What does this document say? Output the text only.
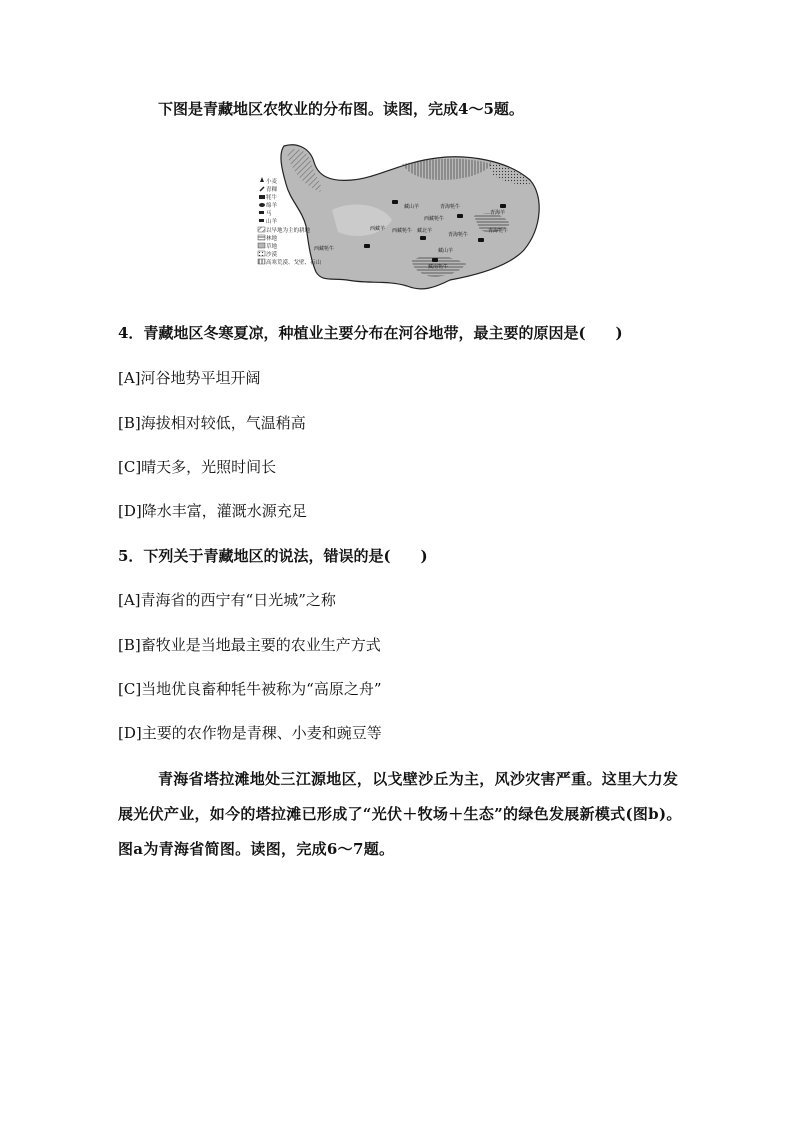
下图是青藏地区农牧业的分布图。读图，完成4～5题。
小麦
青稞
牦牛
绵羊
马
山羊
以旱地为主的耕地
林地
草地
沙漠
高寒荒漠、戈壁、石山
西藏牦牛
西藏羊 西藏牦牛
藏山羊	青海牦牛
西藏牦牛
藏北羊
青海牦牛
藏南牦牛
青海牦牛
青海羊
藏山羊
4．青藏地区冬寒夏凉，种植业主要分布在河谷地带，最主要的原因是(　　)
[A]河谷地势平坦开阔
[B]海拔相对较低，气温稍高
[C]晴天多，光照时间长
[D]降水丰富，灌溉水源充足
5．下列关于青藏地区的说法，错误的是(　　)
[A]青海省的西宁有“日光城”之称
[B]畜牧业是当地最主要的农业生产方式
[C]当地优良畜种牦牛被称为“高原之舟”
[D]主要的农作物是青稞、小麦和豌豆等
青海省塔拉滩地处三江源地区，以戈壁沙丘为主，风沙灾害严重。这里大力发展光伏产业，如今的塔拉滩已形成了“光伏＋牧场＋生态”的绿色发展新模式(图b)。图a为青海省简图。读图，完成6～7题。
